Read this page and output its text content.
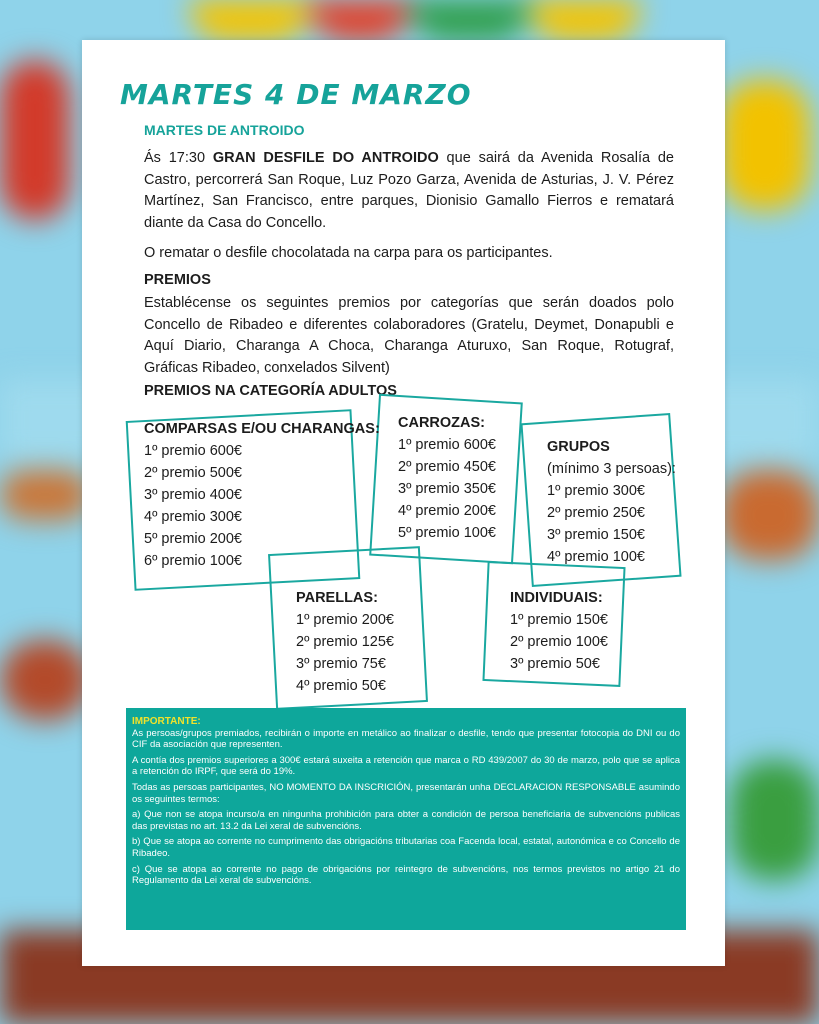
MARTES 4 DE MARZO
MARTES DE ANTROIDO

Ás 17:30 GRAN DESFILE DO ANTROIDO que sairá da Avenida Rosalía de Castro, percorrerá San Roque, Luz Pozo Garza, Avenida de Asturias, J. V. Pérez Martínez, San Francisco, entre parques, Dionisio Gamallo Fierros e rematará diante da Casa do Concello.

O rematar o desfile chocolatada na carpa para os participantes.

PREMIOS

Establécense os seguintes premios por categorías que serán doados polo Concello de Ribadeo e diferentes colaboradores (Gratelu, Deymet, Donapubli e Aquí Diario, Charanga A Choca, Charanga Aturuxo, San Roque, Rotugraf, Gráficas Ribadeo, conxelados Silvent)

PREMIOS NA CATEGORÍA ADULTOS
COMPARSAS E/OU CHARANGAS:
1º premio 600€
2º premio 500€
3º premio 400€
4º premio 300€
5º premio 200€
6º premio 100€
CARROZAS:
1º premio 600€
2º premio 450€
3º premio 350€
4º premio 200€
5º premio 100€
GRUPOS
(mínimo 3 persoas):
1º premio 300€
2º premio 250€
3º premio 150€
4º premio 100€
PARELLAS:
1º premio 200€
2º premio 125€
3º premio 75€
4º premio 50€
INDIVIDUAIS:
1º premio 150€
2º premio 100€
3º premio 50€
IMPORTANTE:

As persoas/grupos premiados, recibirán o importe en metálico ao finalizar o desfile, tendo que presentar fotocopia do DNI ou do CIF da asociación que representen.

A contía dos premios superiores a 300€ estará suxeita a retención que marca o RD 439/2007 do 30 de marzo, polo que se aplica a retención do IRPF, que será do 19%.

Todas as persoas participantes, NO MOMENTO DA INSCRICIÓN, presentarán unha DECLARACION RESPONSABLE asumindo os seguintes termos:

a) Que non se atopa incurso/a en ningunha prohibición para obter a condición de persoa beneficiaria de subvencións publicas das previstas no art. 13.2 da Lei xeral de subvencións.

b) Que se atopa ao corrente no cumprimento das obrigacións tributarias coa Facenda local, estatal, autonómica e co Concello de Ribadeo.

c) Que se atopa ao corrente no pago de obrigacións por reintegro de subvencións, nos termos previstos no artigo 21 do Regulamento da Lei xeral de subvencións.
